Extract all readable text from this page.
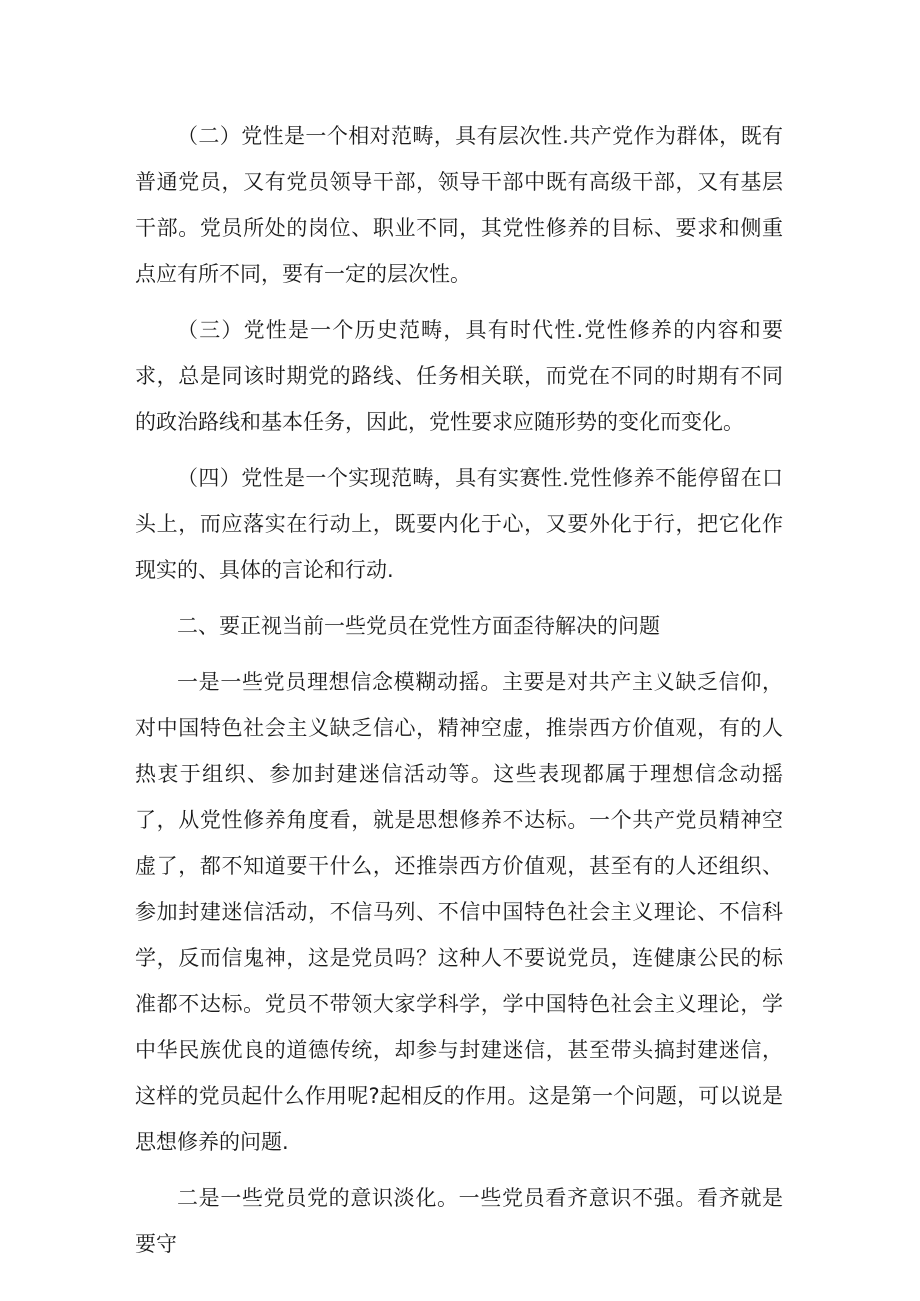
（二）党性是一个相对范畴，具有层次性.共产党作为群体，既有普通党员，又有党员领导干部，领导干部中既有高级干部，又有基层干部。党员所处的岗位、职业不同，其党性修养的目标、要求和侧重点应有所不同，要有一定的层次性。

（三）党性是一个历史范畴，具有时代性.党性修养的内容和要求，总是同该时期党的路线、任务相关联，而党在不同的时期有不同的政治路线和基本任务，因此，党性要求应随形势的变化而变化。

（四）党性是一个实现范畴，具有实赛性.党性修养不能停留在口头上，而应落实在行动上，既要内化于心，又要外化于行，把它化作现实的、具体的言论和行动.

二、要正视当前一些党员在党性方面歪待解决的问题

一是一些党员理想信念模糊动摇。主要是对共产主义缺乏信仰，对中国特色社会主义缺乏信心，精神空虚，推崇西方价值观，有的人热衷于组织、参加封建迷信活动等。这些表现都属于理想信念动摇了，从党性修养角度看，就是思想修养不达标。一个共产党员精神空虚了，都不知道要干什么，还推崇西方价值观，甚至有的人还组织、参加封建迷信活动，不信马列、不信中国特色社会主义理论、不信科学，反而信鬼神，这是党员吗？这种人不要说党员，连健康公民的标准都不达标。党员不带领大家学科学，学中国特色社会主义理论，学中华民族优良的道德传统，却参与封建迷信，甚至带头搞封建迷信，这样的党员起什么作用呢?起相反的作用。这是第一个问题，可以说是思想修养的问题.

二是一些党员党的意识淡化。一些党员看齐意识不强。看齐就是要守
